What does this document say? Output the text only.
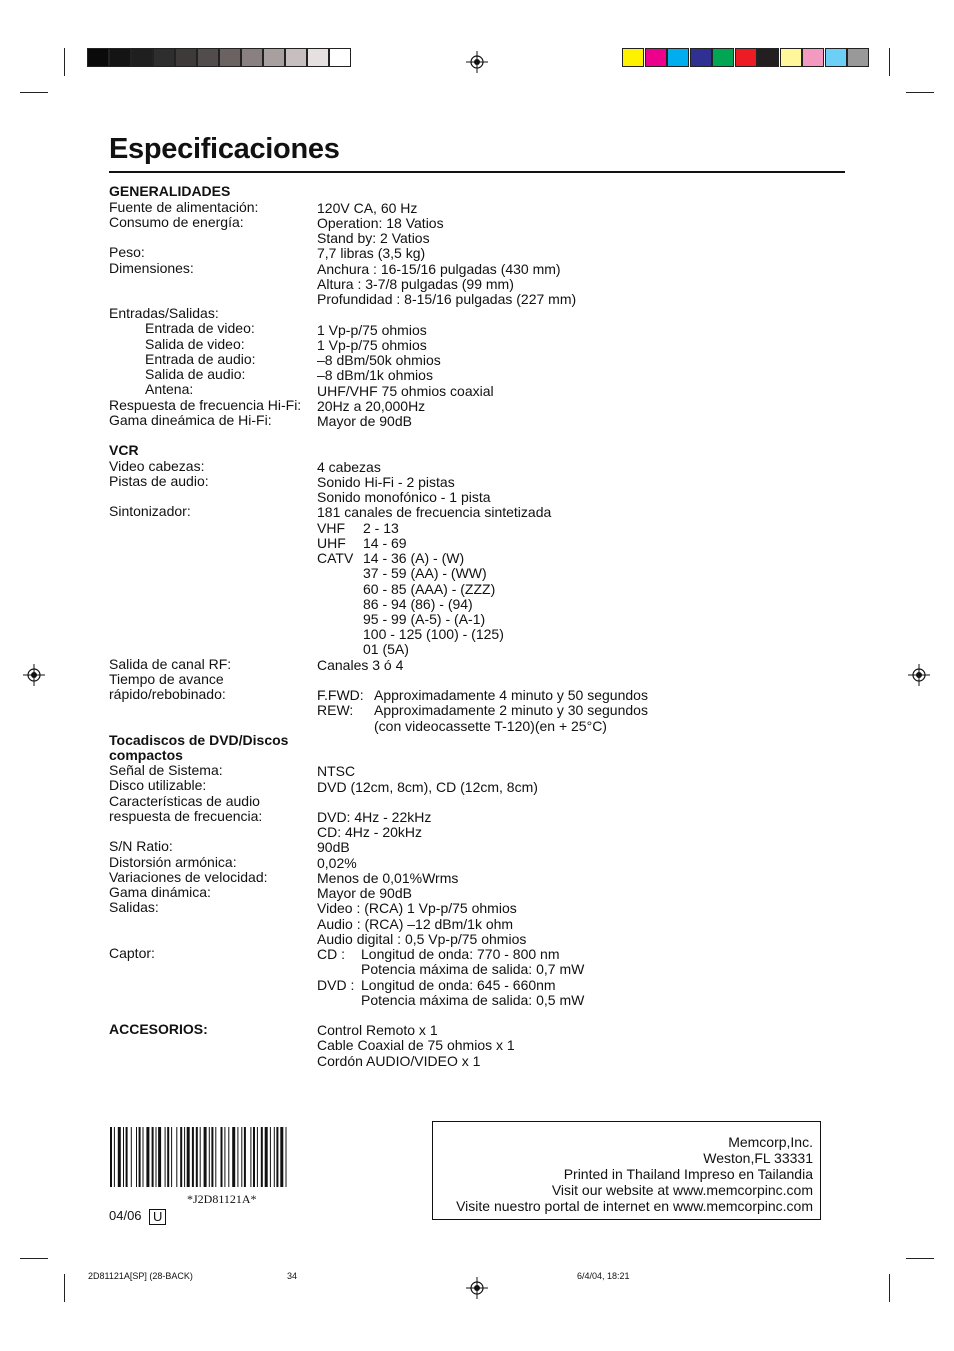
Especificaciones
GENERALIDADES
Fuente de alimentación:	120V CA, 60 Hz
Consumo de energía:	Operation: 18 Vatios
Stand by: 2 Vatios
Peso:	7,7 libras (3,5 kg)
Dimensiones:	Anchura : 16-15/16 pulgadas (430 mm)
Altura : 3-7/8 pulgadas (99 mm)
Profundidad : 8-15/16 pulgadas (227 mm)
Entradas/Salidas:
Entrada de video:	1 Vp-p/75 ohmios
Salida de video:	1 Vp-p/75 ohmios
Entrada de audio:	–8 dBm/50k ohmios
Salida de audio:	–8 dBm/1k ohmios
Antena:	UHF/VHF 75 ohmios coaxial
Respuesta de frecuencia Hi-Fi: 20Hz a 20,000Hz
Gama dineámica de Hi-Fi:	Mayor de 90dB
VCR
Video cabezas:	4 cabezas
Pistas de audio:	Sonido Hi-Fi - 2 pistas
Sonido monofónico - 1 pista
Sintonizador:	181 canales de frecuencia sintetizada
VHF 2 - 13
UHF 14 - 69
CATV 14 - 36 (A) - (W)
37 - 59 (AA) - (WW)
60 - 85 (AAA) - (ZZZ)
86 - 94 (86) - (94)
95 - 99 (A-5) - (A-1)
100 - 125 (100) - (125)
01 (5A)
Salida de canal RF:	Canales 3 ó 4
Tiempo de avance
rápido/rebobinado:	F.FWD: Approximadamente 4 minuto y 50 segundos
REW: Approximadamente 2 minuto y 30 segundos
(con videocassette T-120)(en + 25°C)
Tocadiscos de DVD/Discos compactos
Señal de Sistema:	NTSC
Disco utilizable:	DVD (12cm, 8cm), CD (12cm, 8cm)
Características de audio
respuesta de frecuencia:	DVD: 4Hz - 22kHz
CD: 4Hz - 20kHz
S/N Ratio:	90dB
Distorsión armónica:	0,02%
Variaciones de velocidad:	Menos de 0,01%Wrms
Gama dinámica:	Mayor de 90dB
Salidas:	Video : (RCA) 1 Vp-p/75 ohmios
Audio : (RCA) –12 dBm/1k ohm
Audio digital : 0,5 Vp-p/75 ohmios
Captor:	CD : Longitud de onda: 770 - 800 nm
Potencia máxima de salida: 0,7 mW
DVD : Longitud de onda: 645 - 660nm
Potencia máxima de salida: 0,5 mW
ACCESORIOS:	Control Remoto x 1
Cable Coaxial de 75 ohmios x 1
Cordón AUDIO/VIDEO x 1
*J2D81121A*
04/06 U
Memcorp,Inc.
Weston,FL 33331
Printed in Thailand Impreso en Tailandia
Visit our website at www.memcorpinc.com
Visite nuestro portal de internet en www.memcorpinc.com
2D81121A[SP] (28-BACK)	34	6/4/04, 18:21
